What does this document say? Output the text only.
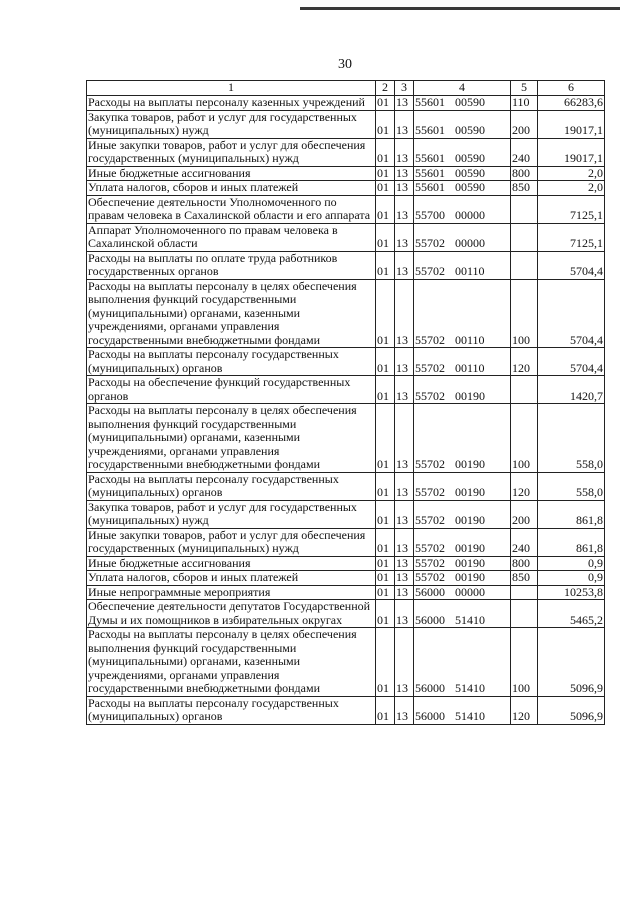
30
1	2	3	4	5	6
Расходы на выплаты персоналу казенных учреждений	01	13	55601 00590	110	66283,6
Закупка товаров, работ и услуг для государственных (муниципальных) нужд	01	13	55601 00590	200	19017,1
Иные закупки товаров, работ и услуг для обеспечения государственных (муниципальных) нужд	01	13	55601 00590	240	19017,1
Иные бюджетные ассигнования	01	13	55601 00590	800	2,0
Уплата налогов, сборов и иных платежей	01	13	55601 00590	850	2,0
Обеспечение деятельности Уполномоченного по правам человека в Сахалинской области и его аппарата	01	13	55700 00000		7125,1
Аппарат Уполномоченного по правам человека в Сахалинской области	01	13	55702 00000		7125,1
Расходы на выплаты по оплате труда работников государственных органов	01	13	55702 00110		5704,4
Расходы на выплаты персоналу в целях обеспечения выполнения функций государственными (муниципальными) органами, казенными учреждениями, органами управления государственными внебюджетными фондами	01	13	55702 00110	100	5704,4
Расходы на выплаты персоналу государственных (муниципальных) органов	01	13	55702 00110	120	5704,4
Расходы на обеспечение функций государственных органов	01	13	55702 00190		1420,7
Расходы на выплаты персоналу в целях обеспечения выполнения функций государственными (муниципальными) органами, казенными учреждениями, органами управления государственными внебюджетными фондами	01	13	55702 00190	100	558,0
Расходы на выплаты персоналу государственных (муниципальных) органов	01	13	55702 00190	120	558,0
Закупка товаров, работ и услуг для государственных (муниципальных) нужд	01	13	55702 00190	200	861,8
Иные закупки товаров, работ и услуг для обеспечения государственных (муниципальных) нужд	01	13	55702 00190	240	861,8
Иные бюджетные ассигнования	01	13	55702 00190	800	0,9
Уплата налогов, сборов и иных платежей	01	13	55702 00190	850	0,9
Иные непрограммные мероприятия	01	13	56000 00000		10253,8
Обеспечение деятельности депутатов Государственной Думы и их помощников в избирательных округах	01	13	56000 51410		5465,2
Расходы на выплаты персоналу в целях обеспечения выполнения функций государственными (муниципальными) органами, казенными учреждениями, органами управления государственными внебюджетными фондами	01	13	56000 51410	100	5096,9
Расходы на выплаты персоналу государственных (муниципальных) органов	01	13	56000 51410	120	5096,9
